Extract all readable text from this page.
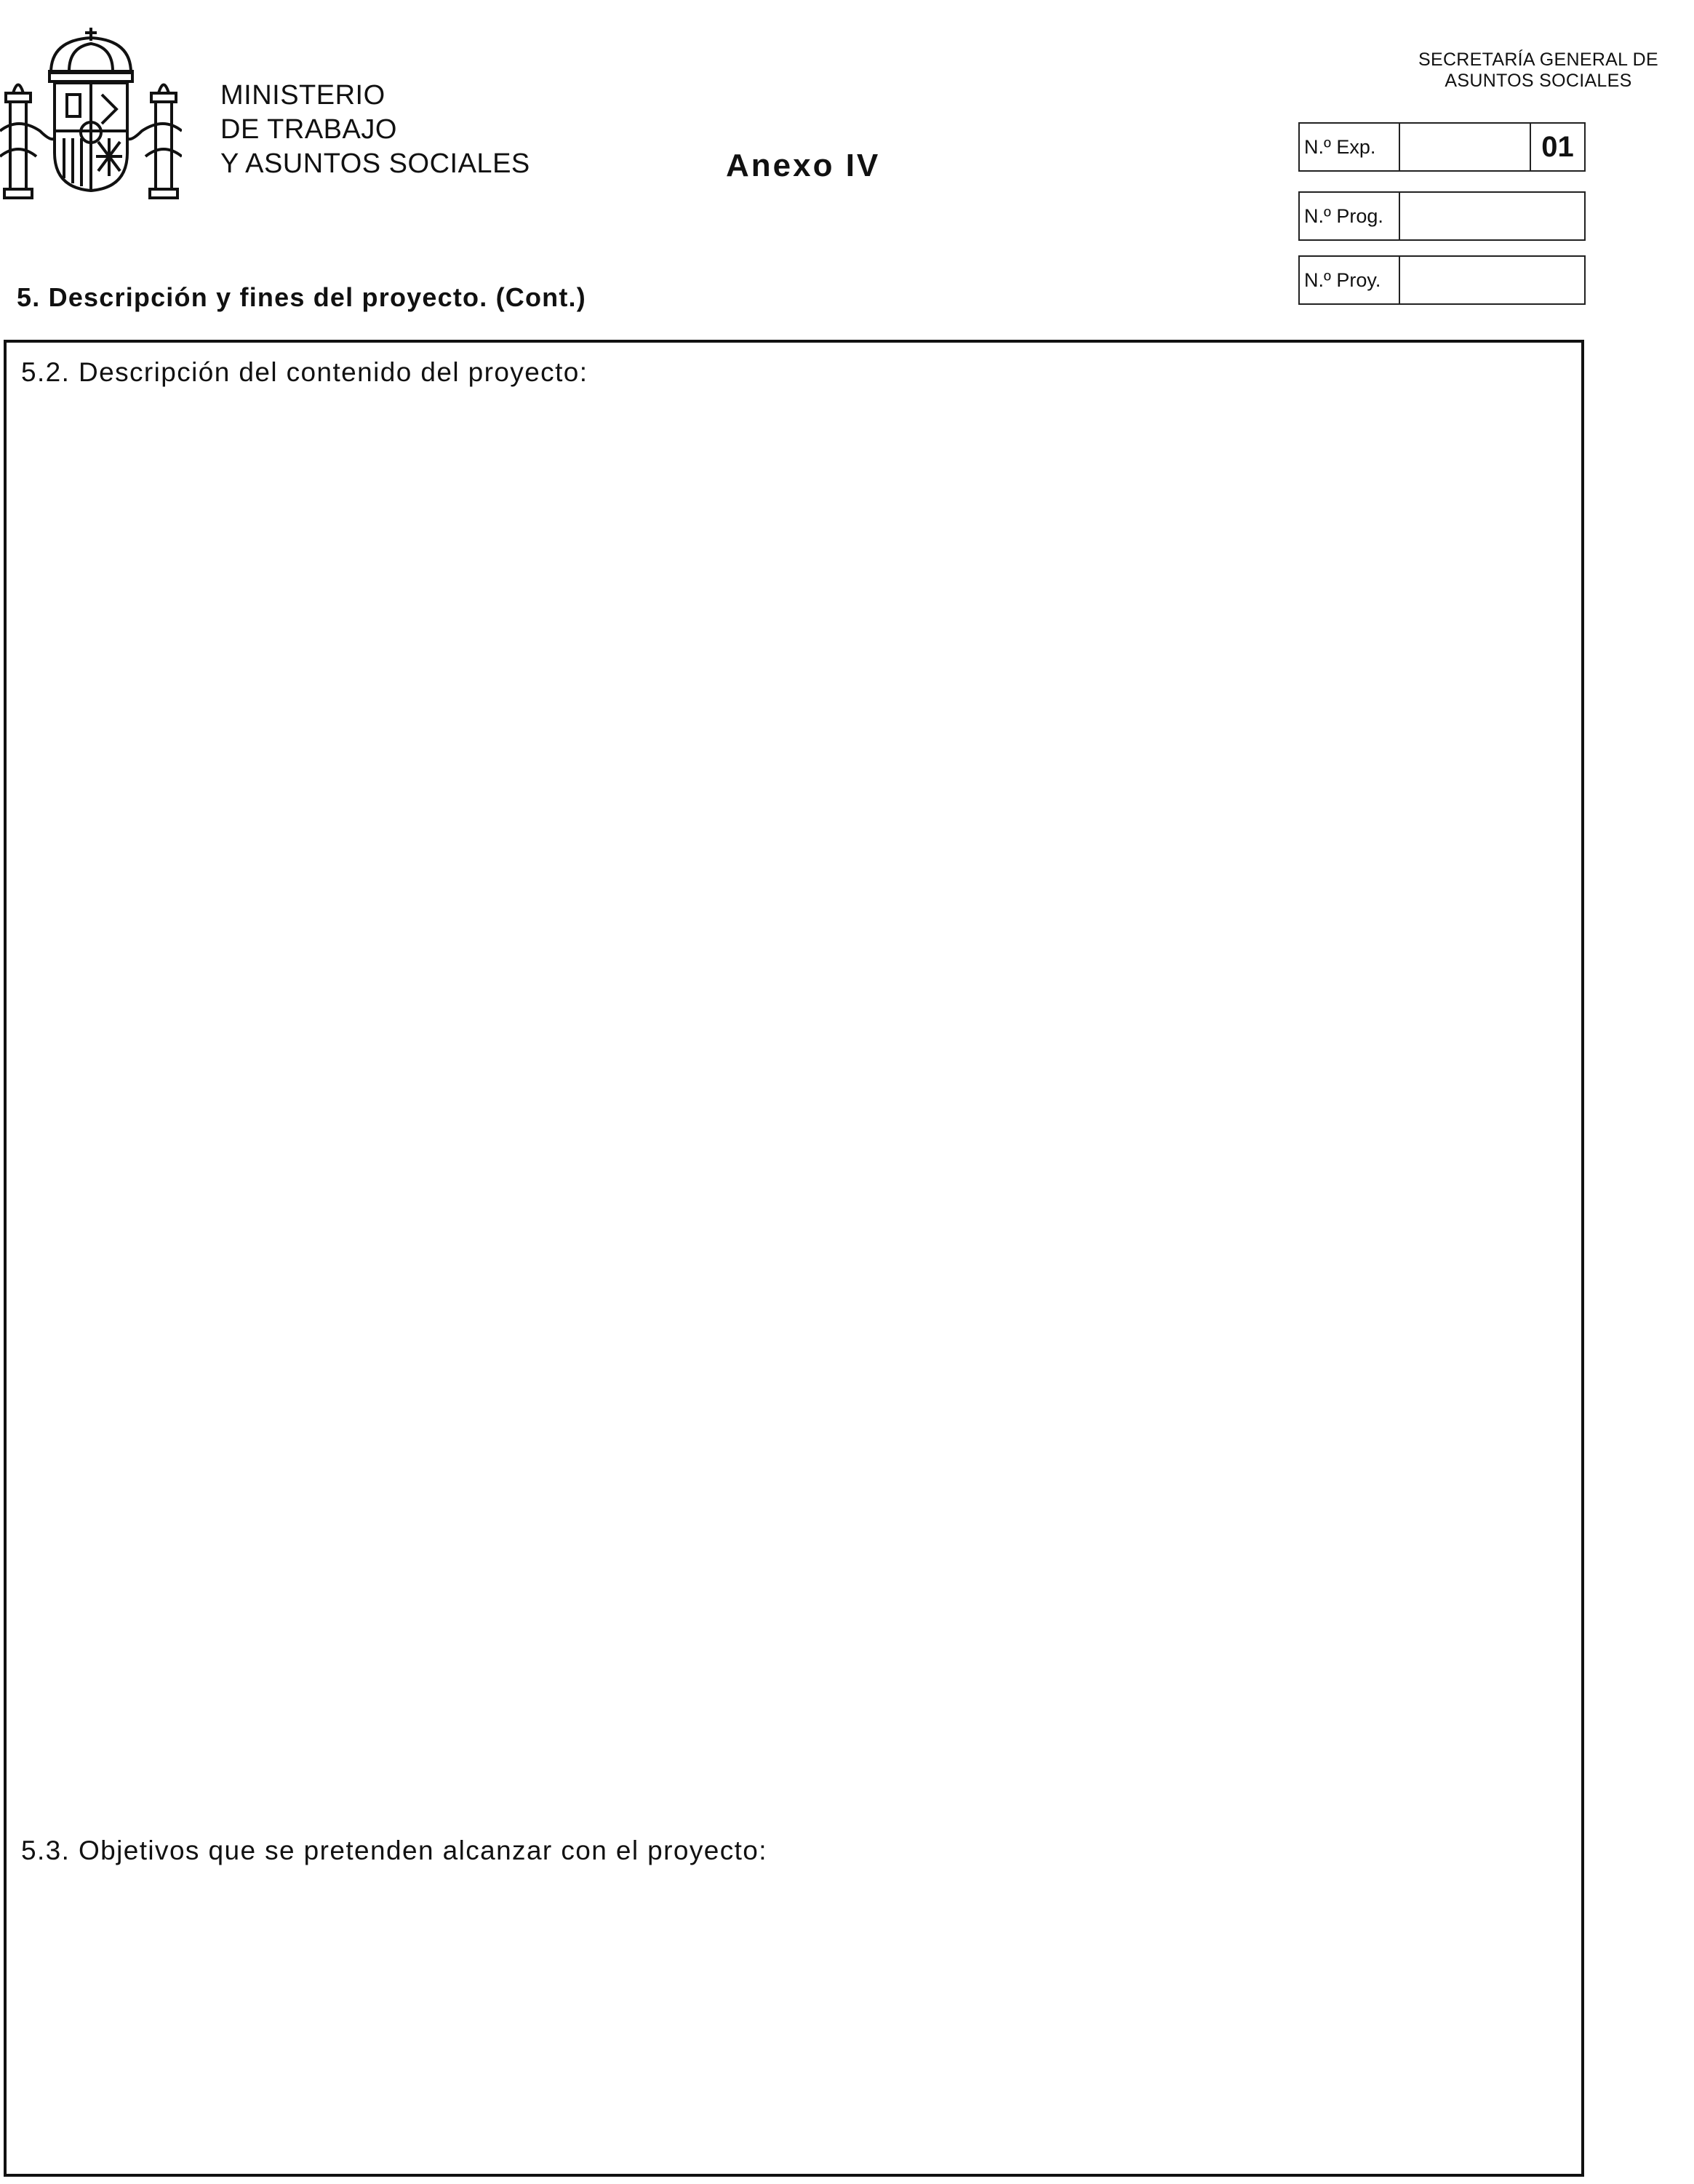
MINISTERIO
DE TRABAJO
Y ASUNTOS SOCIALES	Anexo IV
SECRETARÍA GENERAL DE
ASUNTOS SOCIALES
N.º Exp.	01
N.º Prog.
N.º Proy.
5. Descripción y fines del proyecto. (Cont.)
5.2. Descripción del contenido del proyecto:
5.3. Objetivos que se pretenden alcanzar con el proyecto:
